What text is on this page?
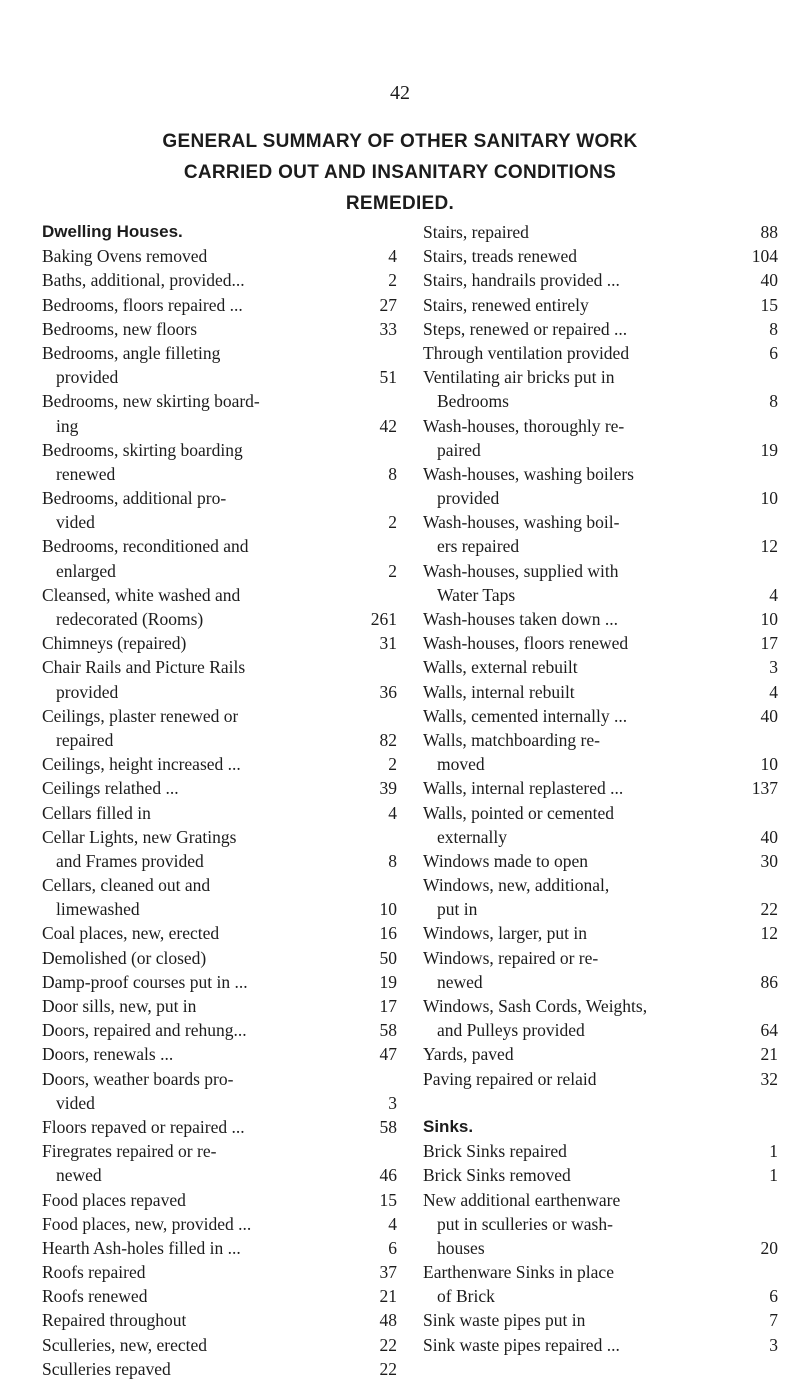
42
GENERAL SUMMARY OF OTHER SANITARY WORK
CARRIED OUT AND INSANITARY CONDITIONS
REMEDIED.
Dwelling Houses.
Baking Ovens removed	4
Baths, additional, provided...	2
Bedrooms, floors repaired ...	27
Bedrooms, new floors	33
Bedrooms, angle filleting
provided	51
Bedrooms, new skirting board-
ing	42
Bedrooms, skirting boarding
renewed	8
Bedrooms, additional pro-
vided	2
Bedrooms, reconditioned and
enlarged	2
Cleansed, white washed and
redecorated (Rooms)	261
Chimneys (repaired)	31
Chair Rails and Picture Rails
provided	36
Ceilings, plaster renewed or
repaired	82
Ceilings, height increased ...	2
Ceilings relathed ...	39
Cellars filled in	4
Cellar Lights, new Gratings
and Frames provided	8
Cellars, cleaned out and
limewashed	10
Coal places, new, erected	16
Demolished (or closed)	50
Damp-proof courses put in ...	19
Door sills, new, put in	17
Doors, repaired and rehung...	58
Doors, renewals ...	47
Doors, weather boards pro-
vided	3
Floors repaved or repaired ...	58
Firegrates repaired or re-
newed	46
Food places repaved	15
Food places, new, provided ...	4
Hearth Ash-holes filled in ...	6
Roofs repaired	37
Roofs renewed	21
Repaired throughout	48
Sculleries, new, erected	22
Sculleries repaved	22
Stairs, repaired	88
Stairs, treads renewed	104
Stairs, handrails provided ...	40
Stairs, renewed entirely	15
Steps, renewed or repaired ...	8
Through ventilation provided	6
Ventilating air bricks put in
Bedrooms	8
Wash-houses, thoroughly re-
paired	19
Wash-houses, washing boilers
provided	10
Wash-houses, washing boil-
ers repaired	12
Wash-houses, supplied with
Water Taps	4
Wash-houses taken down ...	10
Wash-houses, floors renewed	17
Walls, external rebuilt	3
Walls, internal rebuilt	4
Walls, cemented internally ...	40
Walls, matchboarding re-
moved	10
Walls, internal replastered ...	137
Walls, pointed or cemented
externally	40
Windows made to open	30
Windows, new, additional,
put in	22
Windows, larger, put in	12
Windows, repaired or re-
newed	86
Windows, Sash Cords, Weights,
and Pulleys provided	64
Yards, paved	21
Paving repaired or relaid	32
Sinks.
Brick Sinks repaired	1
Brick Sinks removed	1
New additional earthenware
put in sculleries or wash-
houses	20
Earthenware Sinks in place
of Brick	6
Sink waste pipes put in	7
Sink waste pipes repaired ...	3
